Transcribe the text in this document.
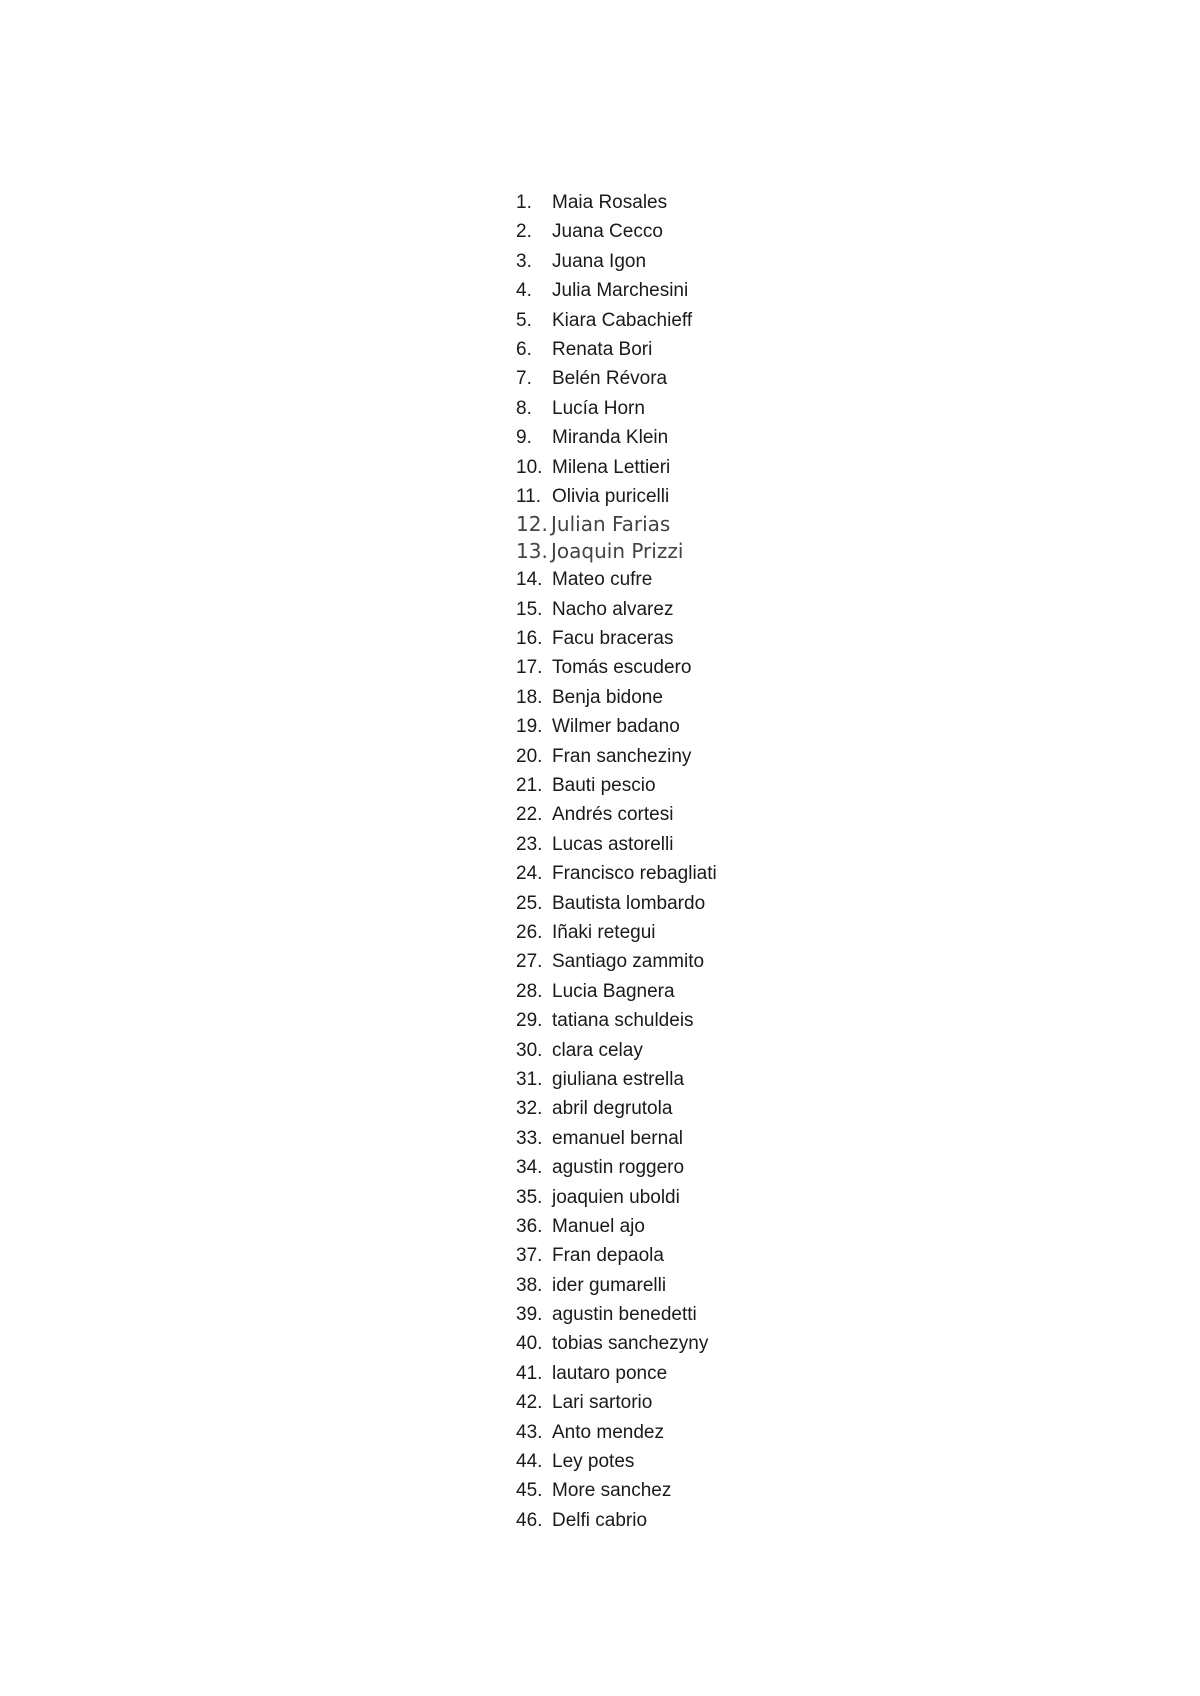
1.	Maia Rosales
2.	Juana Cecco
3.	Juana Igon
4.	Julia Marchesini
5.	Kiara Cabachieff
6.	Renata Bori
7.	Belén Révora
8.	Lucía Horn
9.	Miranda Klein
10. Milena Lettieri
11. Olivia puricelli
12. Julian Farias
13. Joaquin Prizzi
14. Mateo cufre
15. Nacho alvarez
16. Facu braceras
17. Tomás escudero
18. Benja bidone
19. Wilmer badano
20. Fran sancheziny
21. Bauti pescio
22. Andrés cortesi
23. Lucas astorelli
24. Francisco rebagliati
25. Bautista lombardo
26. Iñaki retegui
27. Santiago zammito
28. Lucia Bagnera
29. tatiana schuldeis
30. clara celay
31. giuliana estrella
32. abril degrutola
33. emanuel bernal
34. agustin roggero
35. joaquien uboldi
36. Manuel ajo
37. Fran depaola
38. ider gumarelli
39. agustin benedetti
40. tobias sanchezyny
41. lautaro ponce
42. Lari sartorio
43. Anto mendez
44. Ley potes
45. More sanchez
46. Delfi cabrio
